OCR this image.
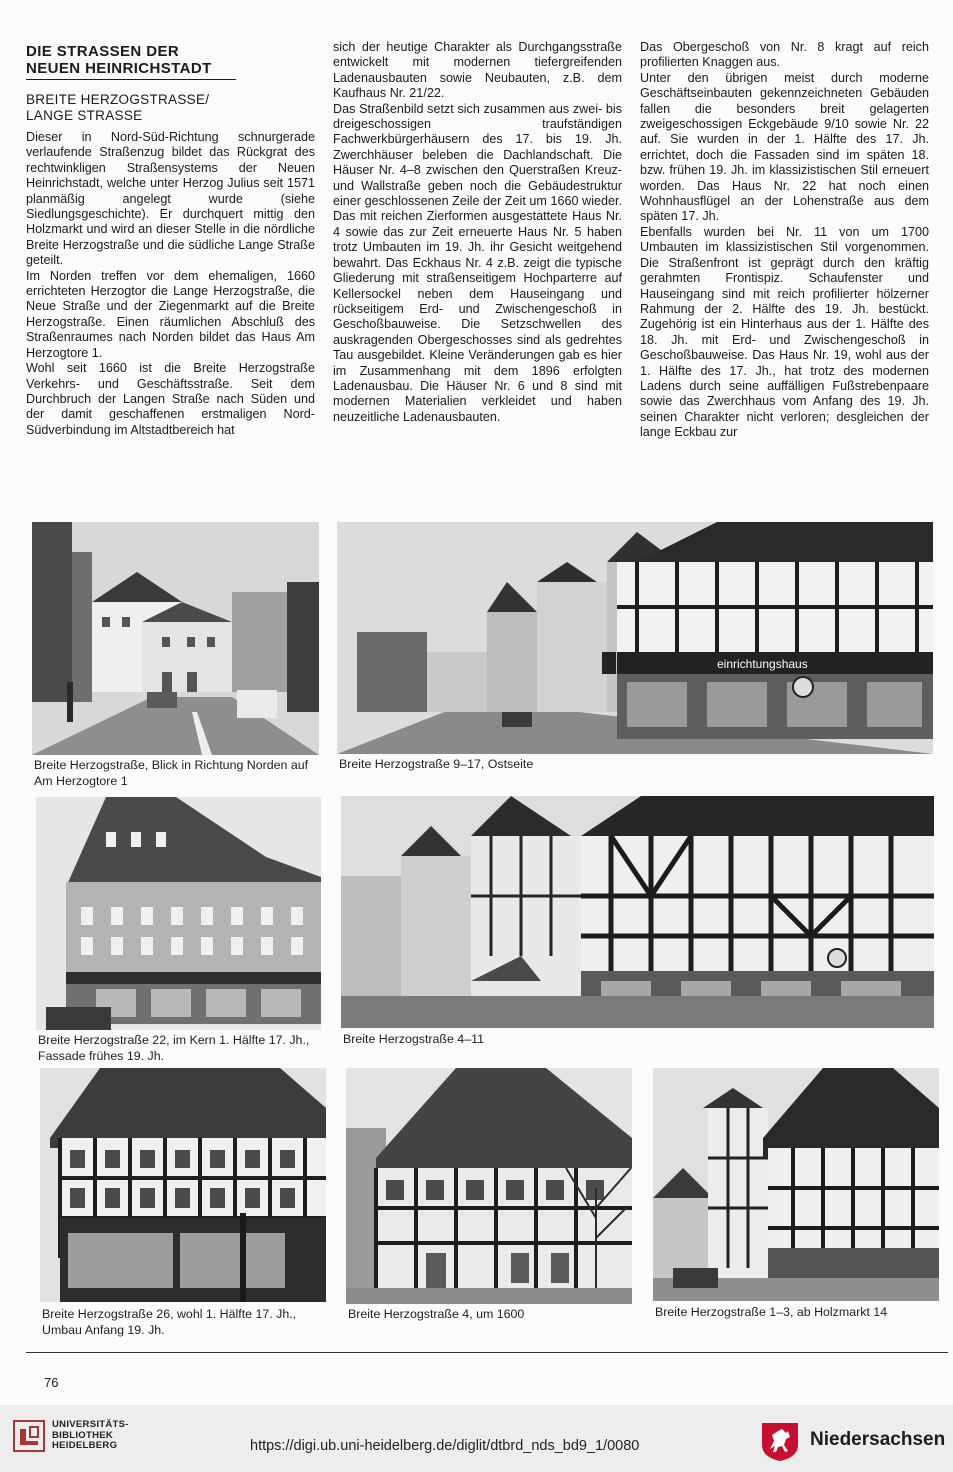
DIE STRASSEN DER
NEUEN HEINRICHSTADT
BREITE HERZOGSTRASSE/
LANGE STRASSE

Dieser in Nord-Süd-Richtung schnurgerade verlaufende Straßenzug bildet das Rückgrat des rechtwinkligen Straßensystems der Neuen Heinrichstadt, welche unter Herzog Julius seit 1571 planmäßig angelegt wurde (siehe Siedlungsgeschichte). Er durchquert mittig den Holzmarkt und wird an dieser Stelle in die nördliche Breite Herzogstraße und die südliche Lange Straße geteilt.

Im Norden treffen vor dem ehemaligen, 1660 errichteten Herzogtor die Lange Herzogstraße, die Neue Straße und der Ziegenmarkt auf die Breite Herzogstraße. Einen räumlichen Abschluß des Straßenraumes nach Norden bildet das Haus Am Herzogtore 1.

Wohl seit 1660 ist die Breite Herzogstraße Verkehrs- und Geschäftsstraße. Seit dem Durchbruch der Langen Straße nach Süden und der damit geschaffenen erstmaligen Nord-Südverbindung im Altstadtbereich hat

sich der heutige Charakter als Durchgangsstraße entwickelt mit modernen tiefergreifenden Ladenausbauten sowie Neubauten, z.B. dem Kaufhaus Nr. 21/22.

Das Straßenbild setzt sich zusammen aus zwei- bis dreigeschossigen traufständigen Fachwerkbürgerhäusern des 17. bis 19. Jh. Zwerchhäuser beleben die Dachlandschaft. Die Häuser Nr. 4–8 zwischen den Querstraßen Kreuz- und Wallstraße geben noch die Gebäudestruktur einer geschlossenen Zeile der Zeit um 1660 wieder. Das mit reichen Zierformen ausgestattete Haus Nr. 4 sowie das zur Zeit erneuerte Haus Nr. 5 haben trotz Umbauten im 19. Jh. ihr Gesicht weitgehend bewahrt. Das Eckhaus Nr. 4 z.B. zeigt die typische Gliederung mit straßenseitigem Hochparterre auf Kellersockel neben dem Hauseingang und rückseitigem Erd- und Zwischengeschoß in Geschoßbauweise. Die Setzschwellen des auskragenden Obergeschosses sind als gedrehtes Tau ausgebildet. Kleine Veränderungen gab es hier im Zusammenhang mit dem 1896 erfolgten Ladenausbau. Die Häuser Nr. 6 und 8 sind mit modernen Materialien verkleidet und haben neuzeitliche Ladenausbauten.

Das Obergeschoß von Nr. 8 kragt auf reich profilierten Knaggen aus.

Unter den übrigen meist durch moderne Geschäftseinbauten gekennzeichneten Gebäuden fallen die besonders breit gelagerten zweigeschossigen Eckgebäude 9/10 sowie Nr. 22 auf. Sie wurden in der 1. Hälfte des 17. Jh. errichtet, doch die Fassaden sind im späten 18. bzw. frühen 19. Jh. im klassizistischen Stil erneuert worden. Das Haus Nr. 22 hat noch einen Wohnhausflügel an der Lohenstraße aus dem späten 17. Jh.

Ebenfalls wurden bei Nr. 11 von um 1700 Umbauten im klassizistischen Stil vorgenommen. Die Straßenfront ist geprägt durch den kräftig gerahmten Frontispiz. Schaufenster und Hauseingang sind mit reich profilierter hölzerner Rahmung der 2. Hälfte des 19. Jh. bestückt. Zugehörig ist ein Hinterhaus aus der 1. Hälfte des 18. Jh. mit Erd- und Zwischengeschoß in Geschoßbauweise. Das Haus Nr. 19, wohl aus der 1. Hälfte des 17. Jh., hat trotz des modernen Ladens durch seine auffälligen Fußstrebenpaare sowie das Zwerchhaus vom Anfang des 19. Jh. seinen Charakter nicht verloren; desgleichen der lange Eckbau zur

Breite Herzogstraße, Blick in Richtung Norden auf Am Herzogtore 1
einrichtungshaus
Breite Herzogstraße 9–17, Ostseite
Breite Herzogstraße 22, im Kern 1. Hälfte 17. Jh., Fassade frühes 19. Jh.
Breite Herzogstraße 4–11
Breite Herzogstraße 26, wohl 1. Hälfte 17. Jh., Umbau Anfang 19. Jh.
Breite Herzogstraße 4, um 1600	Breite Herzogstraße 1–3, ab Holzmarkt 14
76
UNIVERSITÄTS-
BIBLIOTHEK
HEIDELBERG	https://digi.ub.uni-heidelberg.de/diglit/dtbrd_nds_bd9_1/0080	Niedersachsen
